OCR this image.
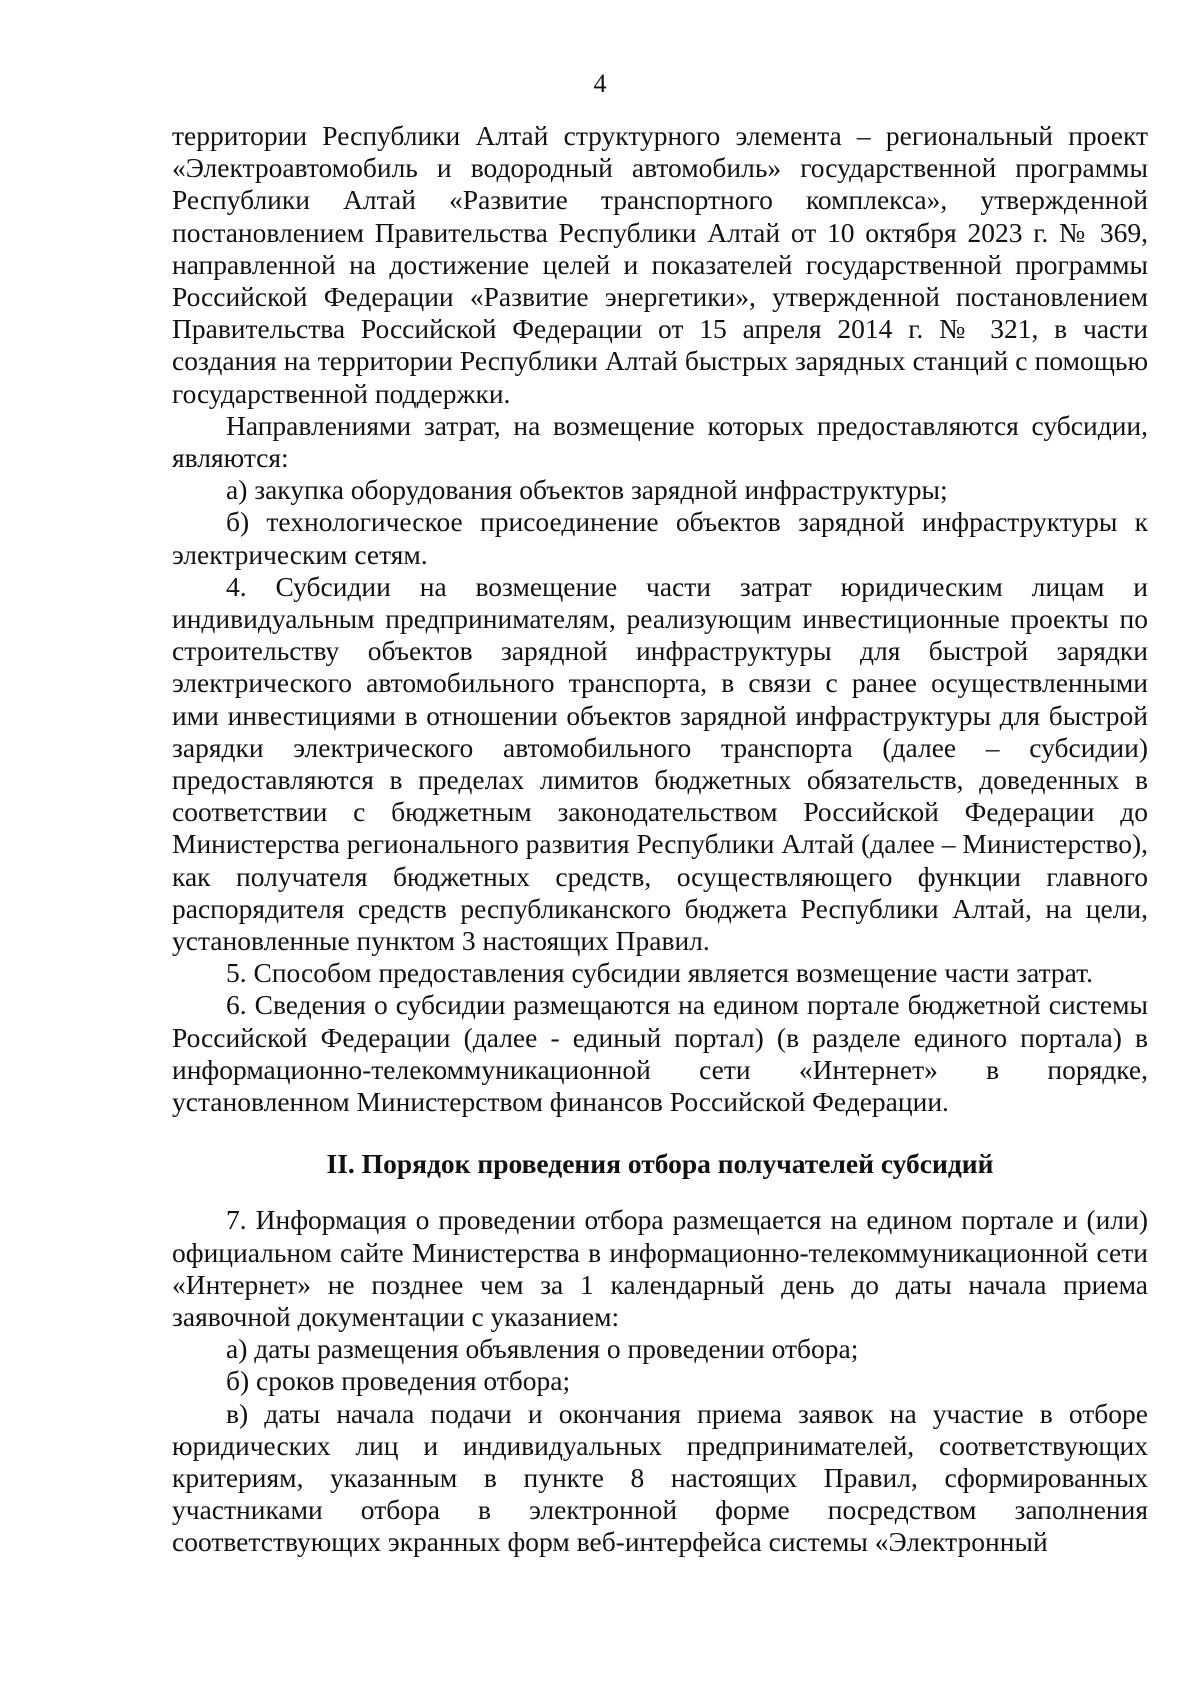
4

территории Республики Алтай структурного элемента – региональный проект «Электроавтомобиль и водородный автомобиль» государственной программы Республики Алтай «Развитие транспортного комплекса», утвержденной постановлением Правительства Республики Алтай от 10 октября 2023 г. № 369, направленной на достижение целей и показателей государственной программы Российской Федерации «Развитие энергетики», утвержденной постановлением Правительства Российской Федерации от 15 апреля 2014 г. № 321, в части создания на территории Республики Алтай быстрых зарядных станций с помощью государственной поддержки.

Направлениями затрат, на возмещение которых предоставляются субсидии, являются:

а) закупка оборудования объектов зарядной инфраструктуры;

б) технологическое присоединение объектов зарядной инфраструктуры к электрическим сетям.

4. Субсидии на возмещение части затрат юридическим лицам и индивидуальным предпринимателям, реализующим инвестиционные проекты по строительству объектов зарядной инфраструктуры для быстрой зарядки электрического автомобильного транспорта, в связи с ранее осуществленными ими инвестициями в отношении объектов зарядной инфраструктуры для быстрой зарядки электрического автомобильного транспорта (далее – субсидии) предоставляются в пределах лимитов бюджетных обязательств, доведенных в соответствии с бюджетным законодательством Российской Федерации до Министерства регионального развития Республики Алтай (далее – Министерство), как получателя бюджетных средств, осуществляющего функции главного распорядителя средств республиканского бюджета Республики Алтай, на цели, установленные пунктом 3 настоящих Правил.

5. Способом предоставления субсидии является возмещение части затрат.

6. Сведения о субсидии размещаются на едином портале бюджетной системы Российской Федерации (далее - единый портал) (в разделе единого портала) в информационно-телекоммуникационной сети «Интернет» в порядке, установленном Министерством финансов Российской Федерации.

II. Порядок проведения отбора получателей субсидий

7. Информация о проведении отбора размещается на едином портале и (или) официальном сайте Министерства в информационно-телекоммуникационной сети «Интернет» не позднее чем за 1 календарный день до даты начала приема заявочной документации с указанием:

а) даты размещения объявления о проведении отбора;

б) сроков проведения отбора;

в) даты начала подачи и окончания приема заявок на участие в отборе юридических лиц и индивидуальных предпринимателей, соответствующих критериям, указанным в пункте 8 настоящих Правил, сформированных участниками отбора в электронной форме посредством заполнения соответствующих экранных форм веб-интерфейса системы «Электронный
